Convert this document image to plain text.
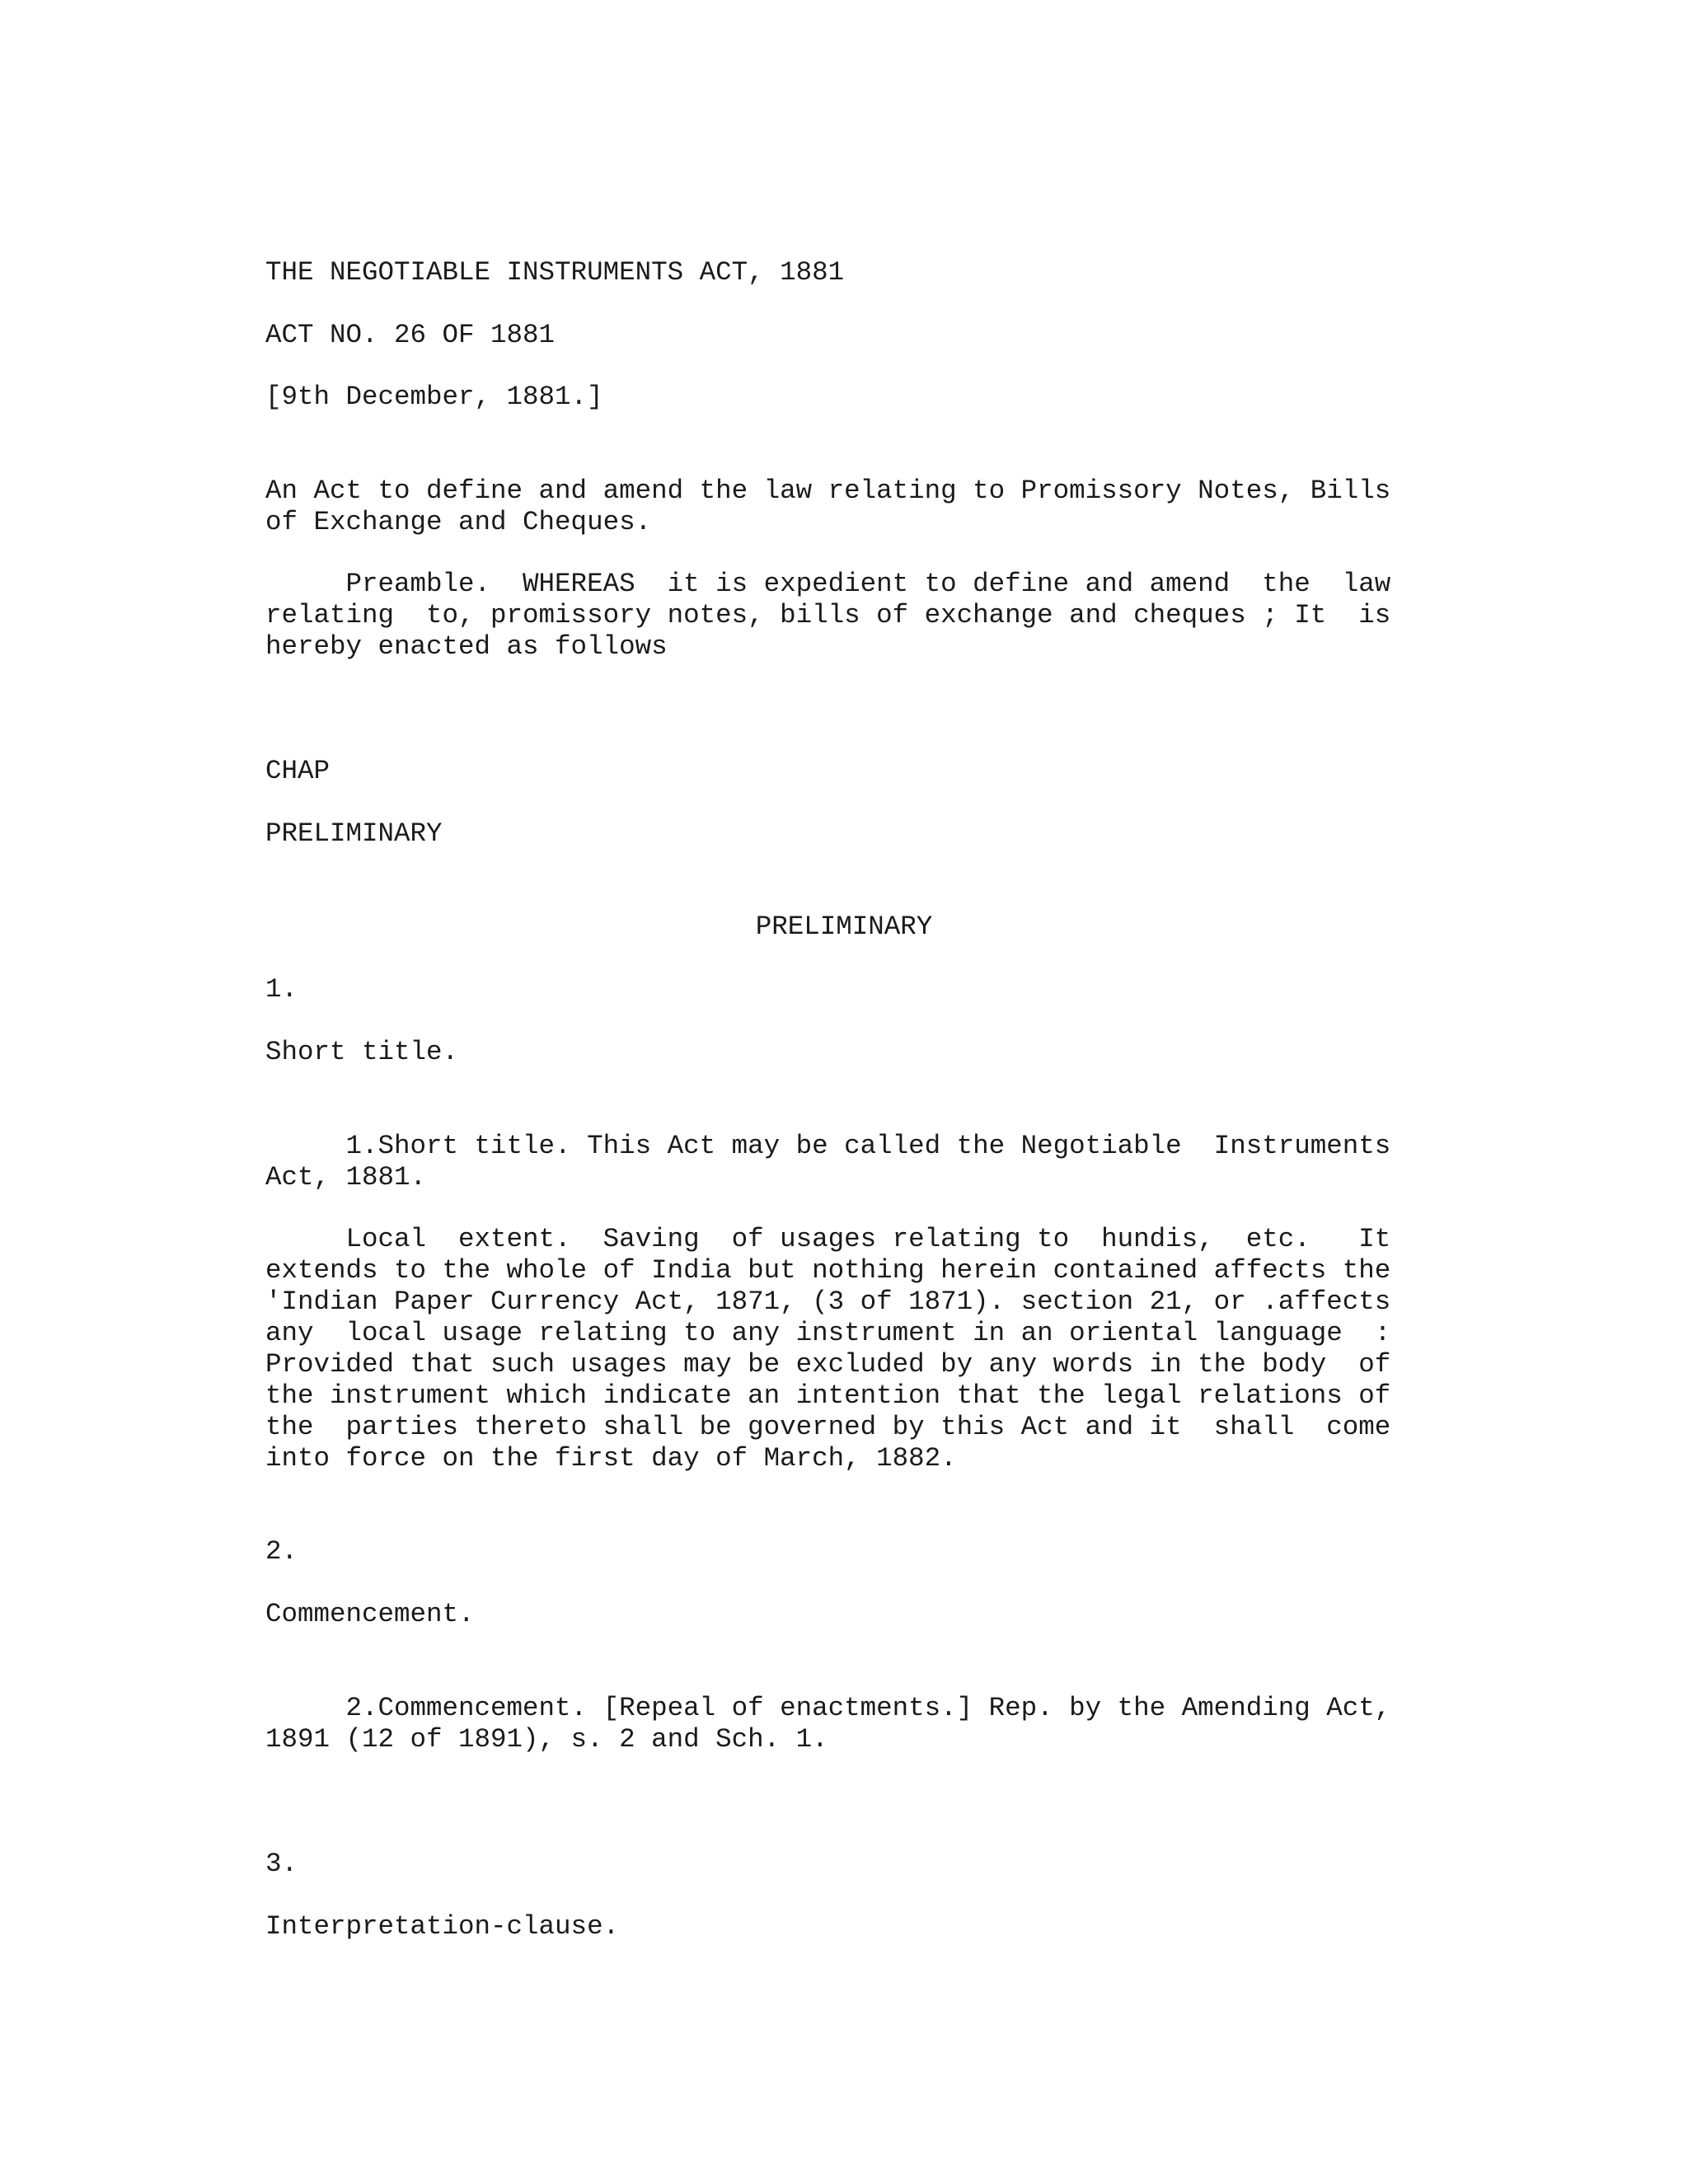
THE NEGOTIABLE INSTRUMENTS ACT, 1881

ACT NO. 26 OF 1881

[9th December, 1881.]

An Act to define and amend the law relating to Promissory Notes, Bills

of Exchange and Cheques.

Preamble.  WHEREAS  it is expedient to define and amend  the  law

relating  to, promissory notes, bills of exchange and cheques ; It  is

hereby enacted as follows

CHAP

PRELIMINARY

PRELIMINARY

1.

Short title.

1.Short title. This Act may be called the Negotiable  Instruments

Act, 1881.

Local  extent.  Saving  of usages relating to  hundis,  etc.   It

extends to the whole of India but nothing herein contained affects the

'Indian Paper Currency Act, 1871, (3 of 1871). section 21, or .affects

any  local usage relating to any instrument in an oriental language  :

Provided that such usages may be excluded by any words in the body  of

the instrument which indicate an intention that the legal relations of

the  parties thereto shall be governed by this Act and it  shall  come

into force on the first day of March, 1882.

2.

Commencement.

2.Commencement. [Repeal of enactments.] Rep. by the Amending Act,

1891 (12 of 1891), s. 2 and Sch. 1.

3.

Interpretation-clause.
